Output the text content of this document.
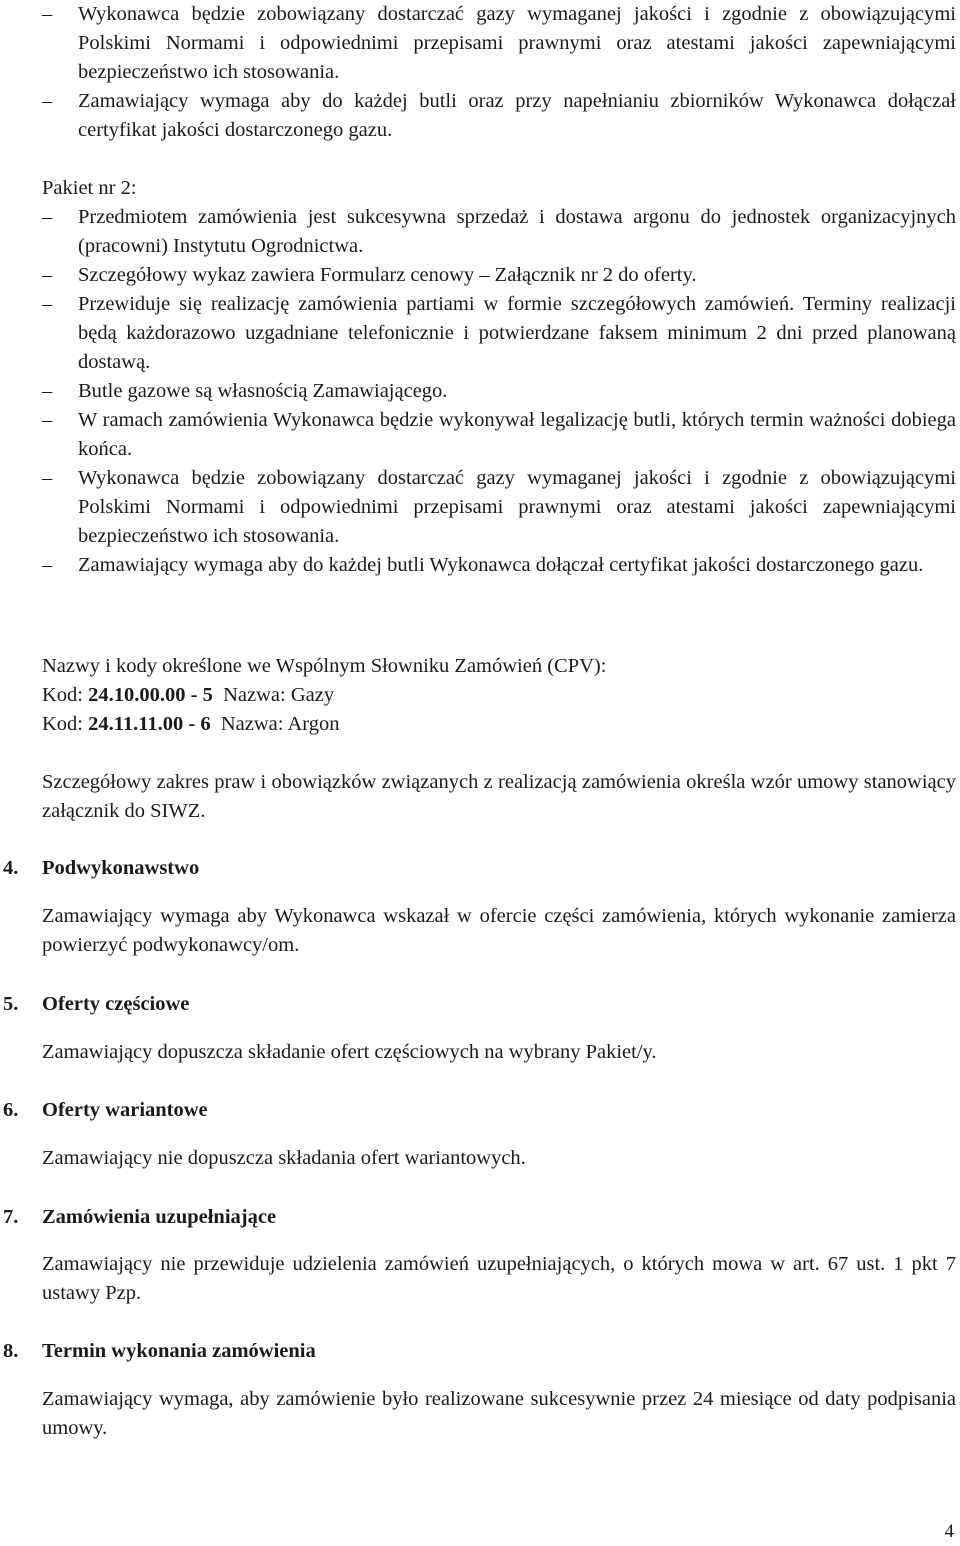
–	Wykonawca będzie zobowiązany dostarczać gazy wymaganej jakości i zgodnie z obowiązującymi Polskimi Normami i odpowiednimi przepisami prawnymi oraz atestami jakości zapewniającymi bezpieczeństwo ich stosowania.
–	Zamawiający wymaga aby do każdej butli oraz przy napełnianiu zbiorników Wykonawca dołączał certyfikat jakości dostarczonego gazu.

Pakiet nr 2:

–	Przedmiotem zamówienia jest sukcesywna sprzedaż i dostawa argonu do jednostek organizacyjnych (pracowni) Instytutu Ogrodnictwa.
–	Szczegółowy wykaz zawiera Formularz cenowy – Załącznik nr 2 do oferty.
–	Przewiduje się realizację zamówienia partiami w formie szczegółowych zamówień. Terminy realizacji będą każdorazowo uzgadniane telefonicznie i potwierdzane faksem minimum 2 dni przed planowaną dostawą.
–	Butle gazowe są własnością Zamawiającego.
–	W ramach zamówienia Wykonawca będzie wykonywał legalizację butli, których termin ważności dobiega końca.
–	Wykonawca będzie zobowiązany dostarczać gazy wymaganej jakości i zgodnie z obowiązującymi Polskimi Normami i odpowiednimi przepisami prawnymi oraz atestami jakości zapewniającymi bezpieczeństwo ich stosowania.
–	Zamawiający wymaga aby do każdej butli Wykonawca dołączał certyfikat jakości dostarczonego gazu.

Nazwy i kody określone we Wspólnym Słowniku Zamówień (CPV):

Kod: 24.10.00.00 - 5 Nazwa: Gazy

Kod: 24.11.11.00 - 6 Nazwa: Argon

Szczegółowy zakres praw i obowiązków związanych z realizacją zamówienia określa wzór umowy stanowiący załącznik do SIWZ.

4. Podwykonawstwo

Zamawiający wymaga aby Wykonawca wskazał w ofercie części zamówienia, których wykonanie zamierza powierzyć podwykonawcy/om.

5. Oferty częściowe

Zamawiający dopuszcza składanie ofert częściowych na wybrany Pakiet/y.

6. Oferty wariantowe

Zamawiający nie dopuszcza składania ofert wariantowych.

7. Zamówienia uzupełniające

Zamawiający nie przewiduje udzielenia zamówień uzupełniających, o których mowa w art. 67 ust. 1 pkt 7 ustawy Pzp.

8. Termin wykonania zamówienia

Zamawiający wymaga, aby zamówienie było realizowane sukcesywnie przez 24 miesiące od daty podpisania umowy.

4
